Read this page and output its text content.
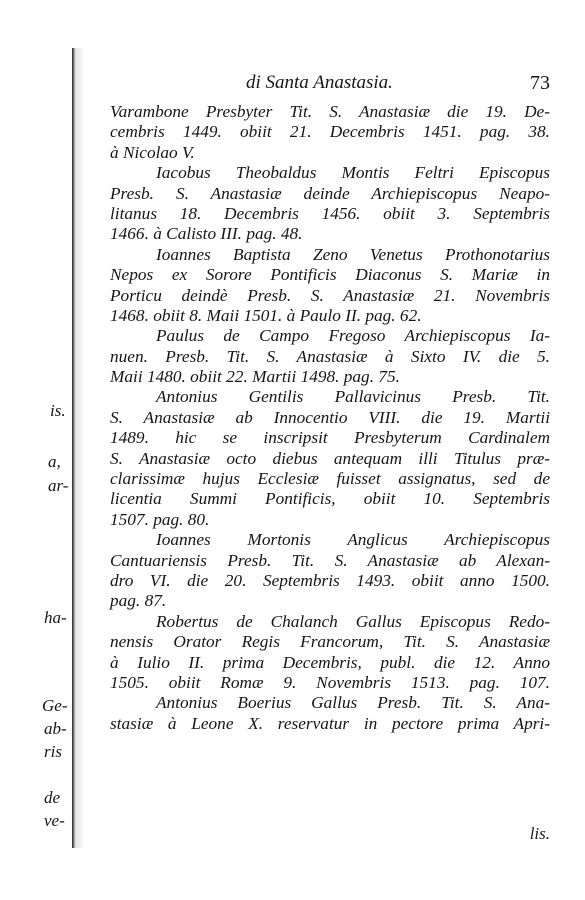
is.
a,
ar-
ha-
Ge-
ab-
ris
de
ve-
di Santa Anastasia.	73
Varambone Presbyter Tit. S. Anastasiæ die 19. De-
cembris 1449. obiit 21. Decembris 1451. pag. 38.
à Nicolao V.
Iacobus Theobaldus Montis Feltri Episcopus
Presb. S. Anastasiæ deinde Archiepiscopus Neapo-
litanus 18. Decembris 1456. obiit 3. Septembris
1466. à Calisto III. pag. 48.
Ioannes Baptista Zeno Venetus Prothonotarius
Nepos ex Sorore Pontificis Diaconus S. Mariæ in
Porticu deindè Presb. S. Anastasiæ 21. Novembris
1468. obiit 8. Maii 1501. à Paulo II. pag. 62.
Paulus de Campo Fregoso Archiepiscopus Ia-
nuen. Presb. Tit. S. Anastasiæ à Sixto IV. die 5.
Maii 1480. obiit 22. Martii 1498. pag. 75.
Antonius Gentilis Pallavicinus Presb. Tit.
S. Anastasiæ ab Innocentio VIII. die 19. Martii
1489. hic se inscripsit Presbyterum Cardinalem
S. Anastasiæ octo diebus antequam illi Titulus præ-
clarissimæ hujus Ecclesiæ fuisset assignatus, sed de
licentia Summi Pontificis, obiit 10. Septembris
1507. pag. 80.
Ioannes Mortonis Anglicus Archiepiscopus
Cantuariensis Presb. Tit. S. Anastasiæ ab Alexan-
dro VI. die 20. Septembris 1493. obiit anno 1500.
pag. 87.
Robertus de Chalanch Gallus Episcopus Redo-
nensis Orator Regis Francorum, Tit. S. Anastasiæ
à Iulio II. prima Decembris, publ. die 12. Anno
1505. obiit Romæ 9. Novembris 1513. pag. 107.
Antonius Boerius Gallus Presb. Tit. S. Ana-
stasiæ à Leone X. reservatur in pectore prima Apri-
lis.
